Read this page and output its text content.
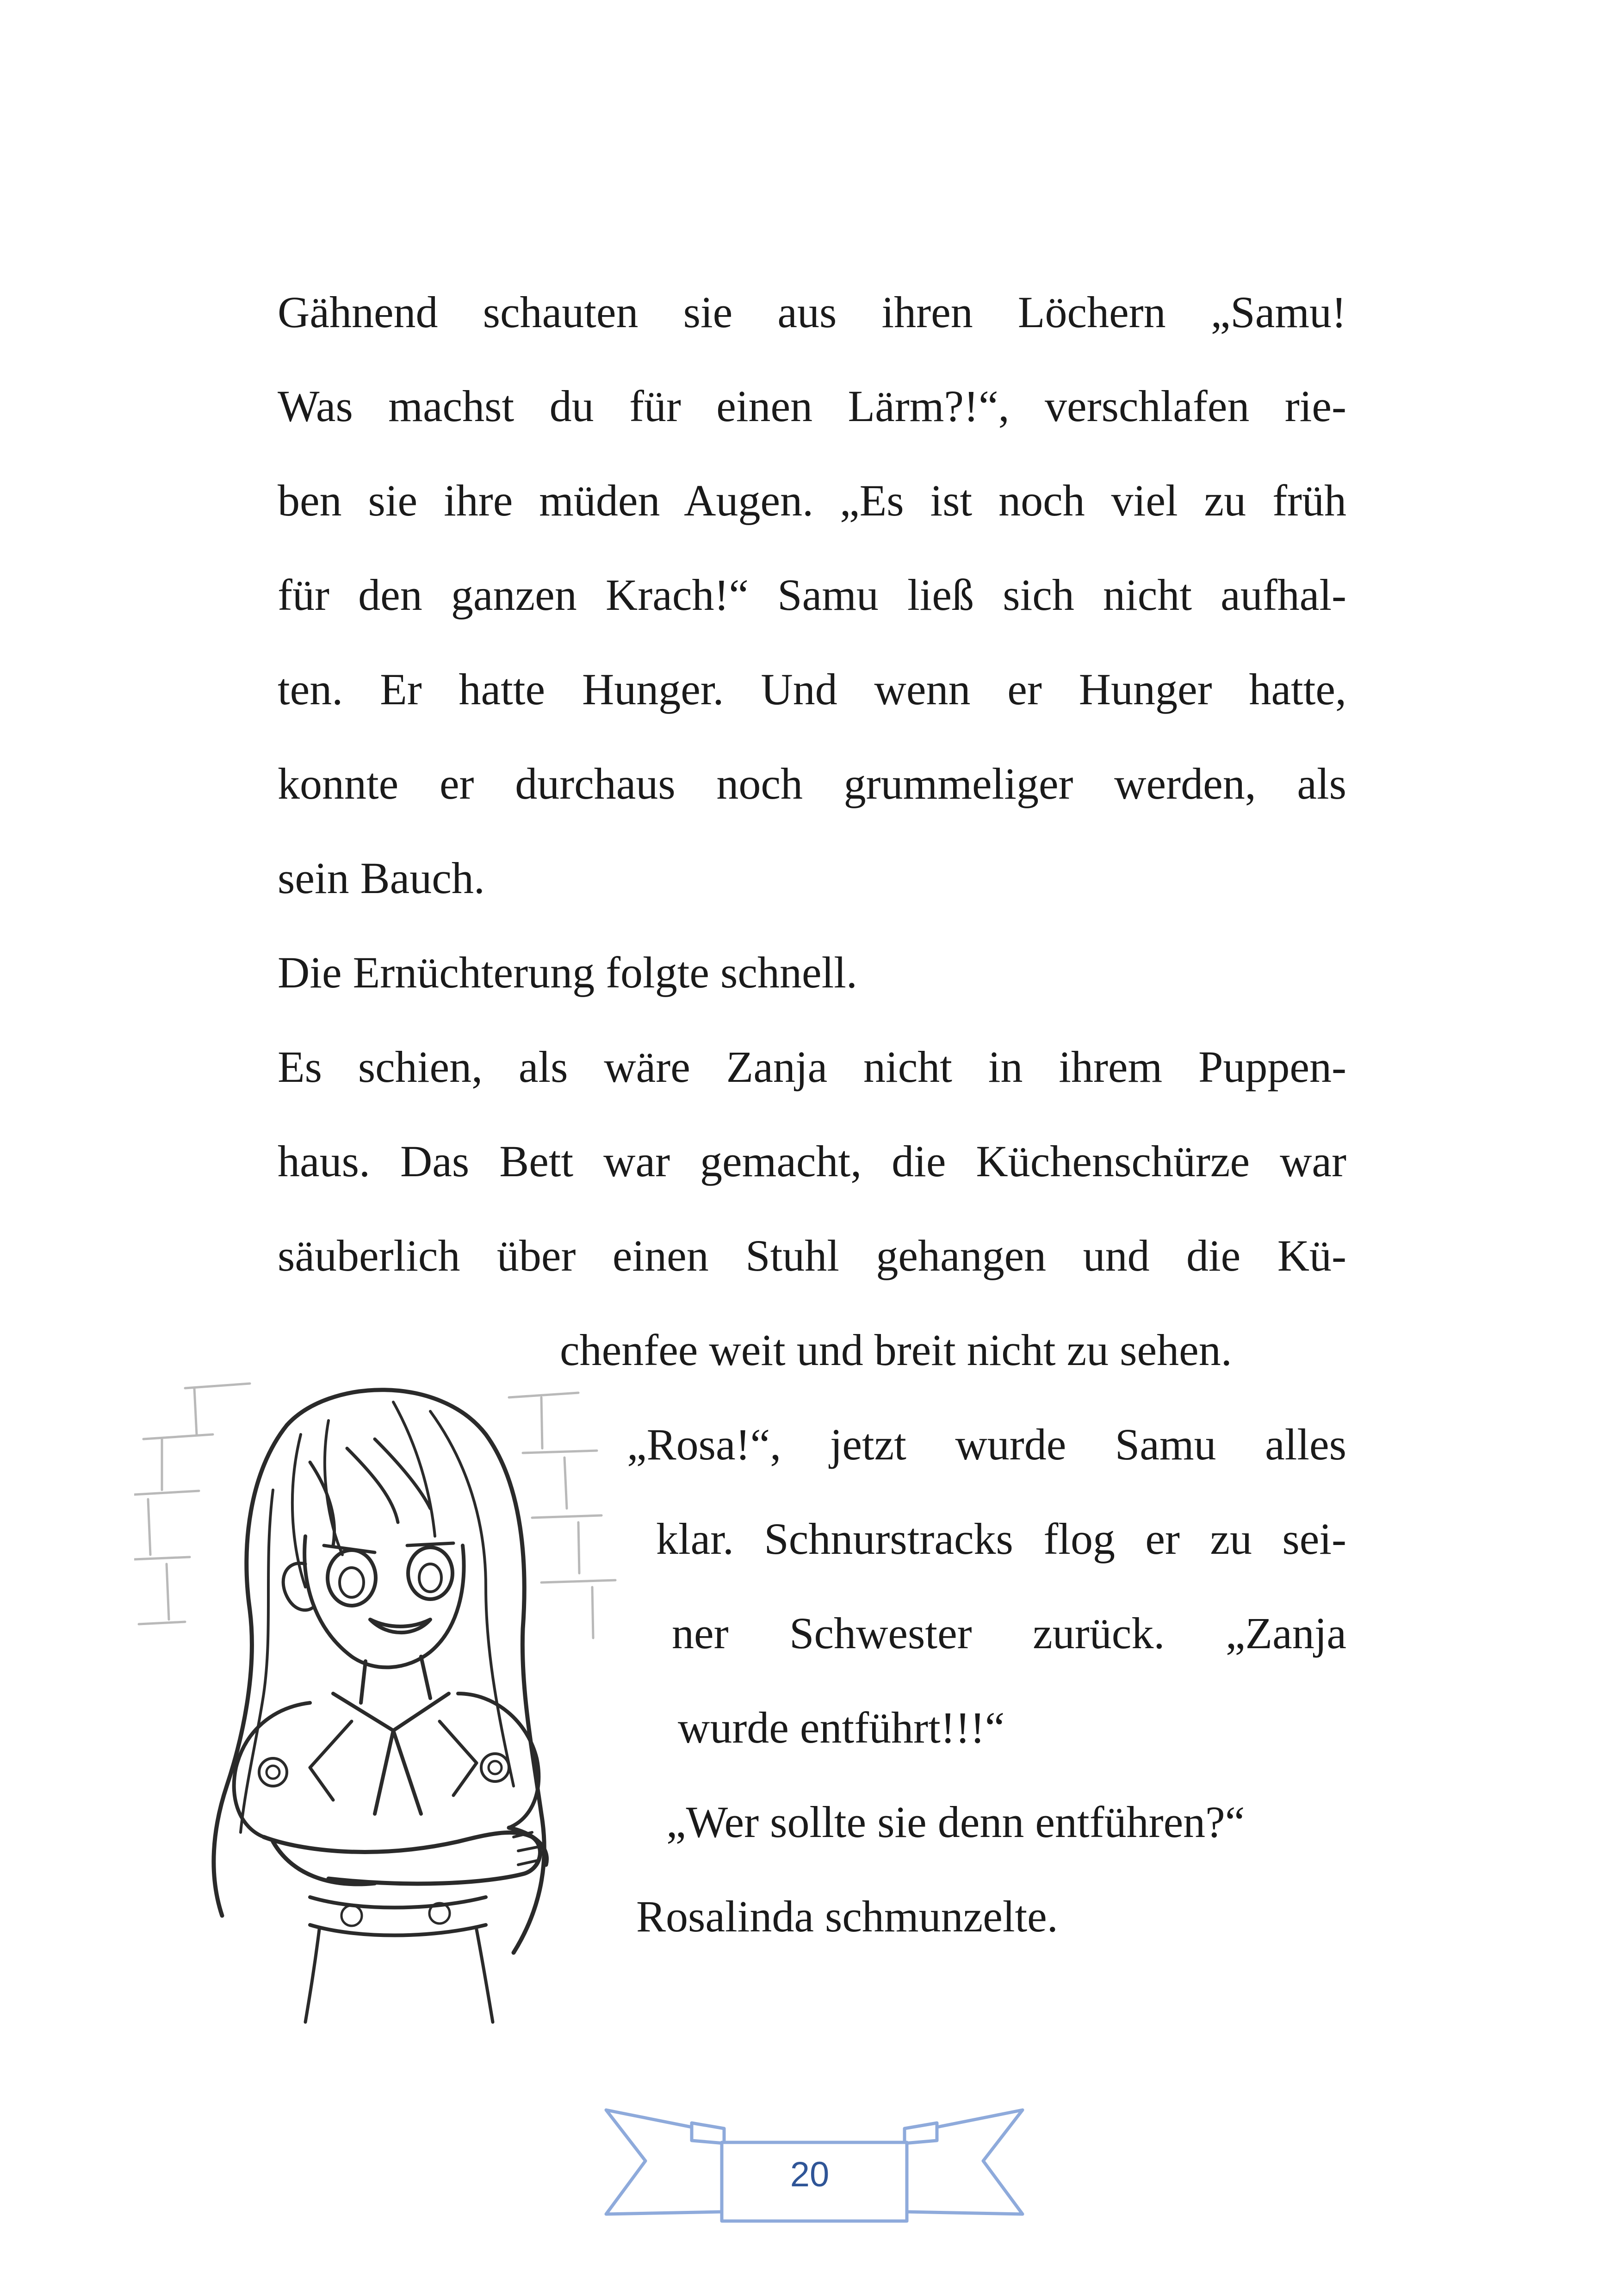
Gähnend schauten sie aus ihren Löchern „Samu!

Was machst du für einen Lärm?!“, verschlafen rie-

ben sie ihre müden Augen. „Es ist noch viel zu früh

für den ganzen Krach!“ Samu ließ sich nicht aufhal-

ten. Er hatte Hunger. Und wenn er Hunger hatte,

konnte er durchaus noch grummeliger werden, als

sein Bauch.

Die Ernüchterung folgte schnell.

Es schien, als wäre Zanja nicht in ihrem Puppen-

haus. Das Bett war gemacht, die Küchenschürze war

säuberlich über einen Stuhl gehangen und die Kü-

chenfee weit und breit nicht zu sehen.

„Rosa!“, jetzt wurde Samu alles

klar. Schnurstracks flog er zu sei-

ner Schwester zurück. „Zanja

wurde entführt!!!“

„Wer sollte sie denn entführen?“

Rosalinda schmunzelte.

20
